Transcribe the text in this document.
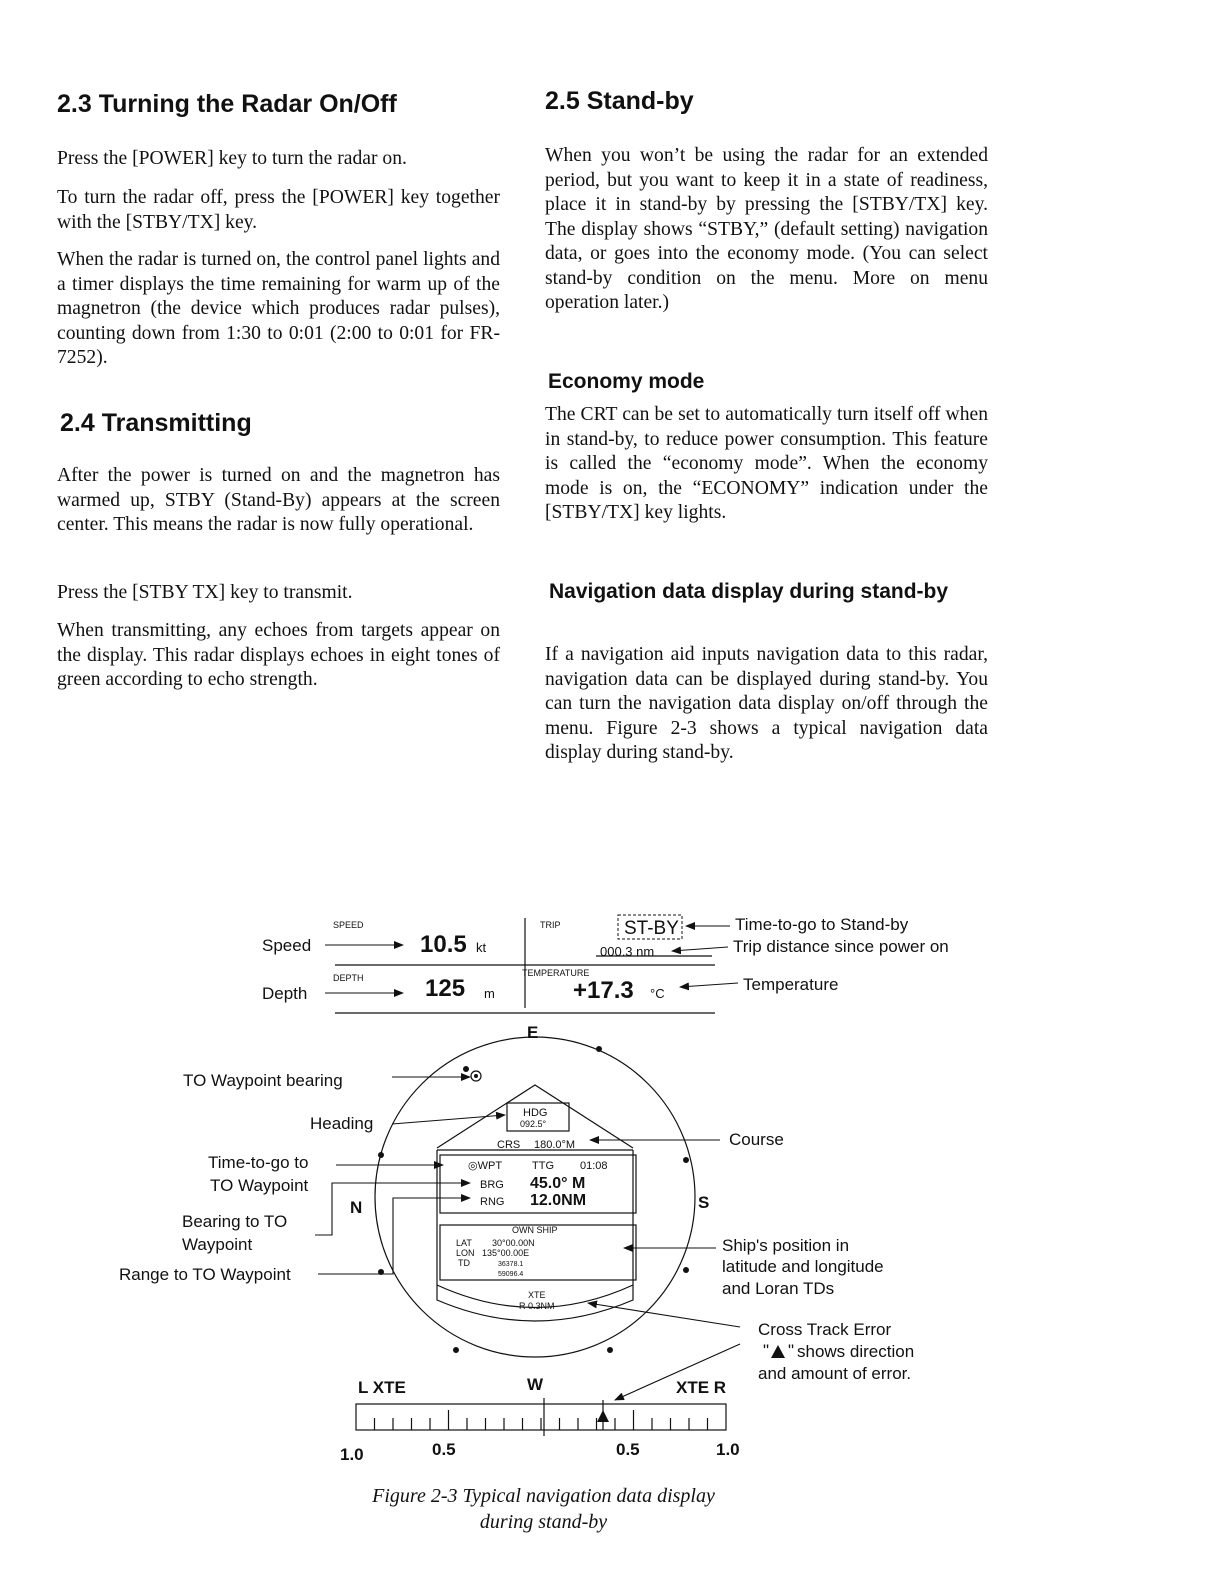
2.3 Turning the Radar On/Off

Press the [POWER] key to turn the radar on.

To turn the radar off, press the [POWER] key together with the [STBY/TX] key.

When the radar is turned on, the control panel lights and a timer displays the time remaining for warm up of the magnetron (the device which produces radar pulses), counting down from 1:30 to 0:01 (2:00 to 0:01 for FR-7252).

2.4 Transmitting

After the power is turned on and the magnetron has warmed up, STBY (Stand-By) appears at the screen center. This means the radar is now fully operational.

Press the [STBY TX] key to transmit.

When transmitting, any echoes from targets appear on the display. This radar displays echoes in eight tones of green according to echo strength.

2.5 Stand-by

When you won’t be using the radar for an extended period, but you want to keep it in a state of readiness, place it in stand-by by pressing the [STBY/TX] key. The display shows “STBY,” (default setting) navigation data, or goes into the economy mode. (You can select stand-by condition on the menu. More on menu operation later.)

Economy mode

The CRT can be set to automatically turn itself off when in stand-by, to reduce power consumption. This feature is called the “economy mode”. When the economy mode is on, the “ECONOMY” indication under the [STBY/TX] key lights.

Navigation data display during stand-by

If a navigation aid inputs navigation data to this radar, navigation data can be displayed during stand-by. You can turn the navigation data display on/off through the menu. Figure 2-3 shows a typical navigation data display during stand-by.

SPEED
10.5 kt
DEPTH	125 m
TRIP	ST-BY
000.3 nm
TEMPERATURE
+17.3 °C
E
S
W
N
HDG
092.5°
CRS 180.0°M
◎WPT	TTG 01:08
BRG 45.0° M
RNG 12.0NM
OWN SHIP
LAT 30°00.00N
LON 135°00.00E
TD	36378.1
59096.4
XTE
R 0.3NM
L XTE	XTE R
1.0	0.5	0.5	1.0
Speed
Depth
Time-to-go to Stand-by
Trip distance since power on
Temperature
TO Waypoint bearing
Heading
Course
Time-to-go to
TO Waypoint
Bearing to TO
Waypoint
Range to TO Waypoint
Ship's position in
latitude and longitude
and Loran TDs
Cross Track Error
" " shows direction
and amount of error.
Figure 2-3 Typical navigation data display
during stand-by
